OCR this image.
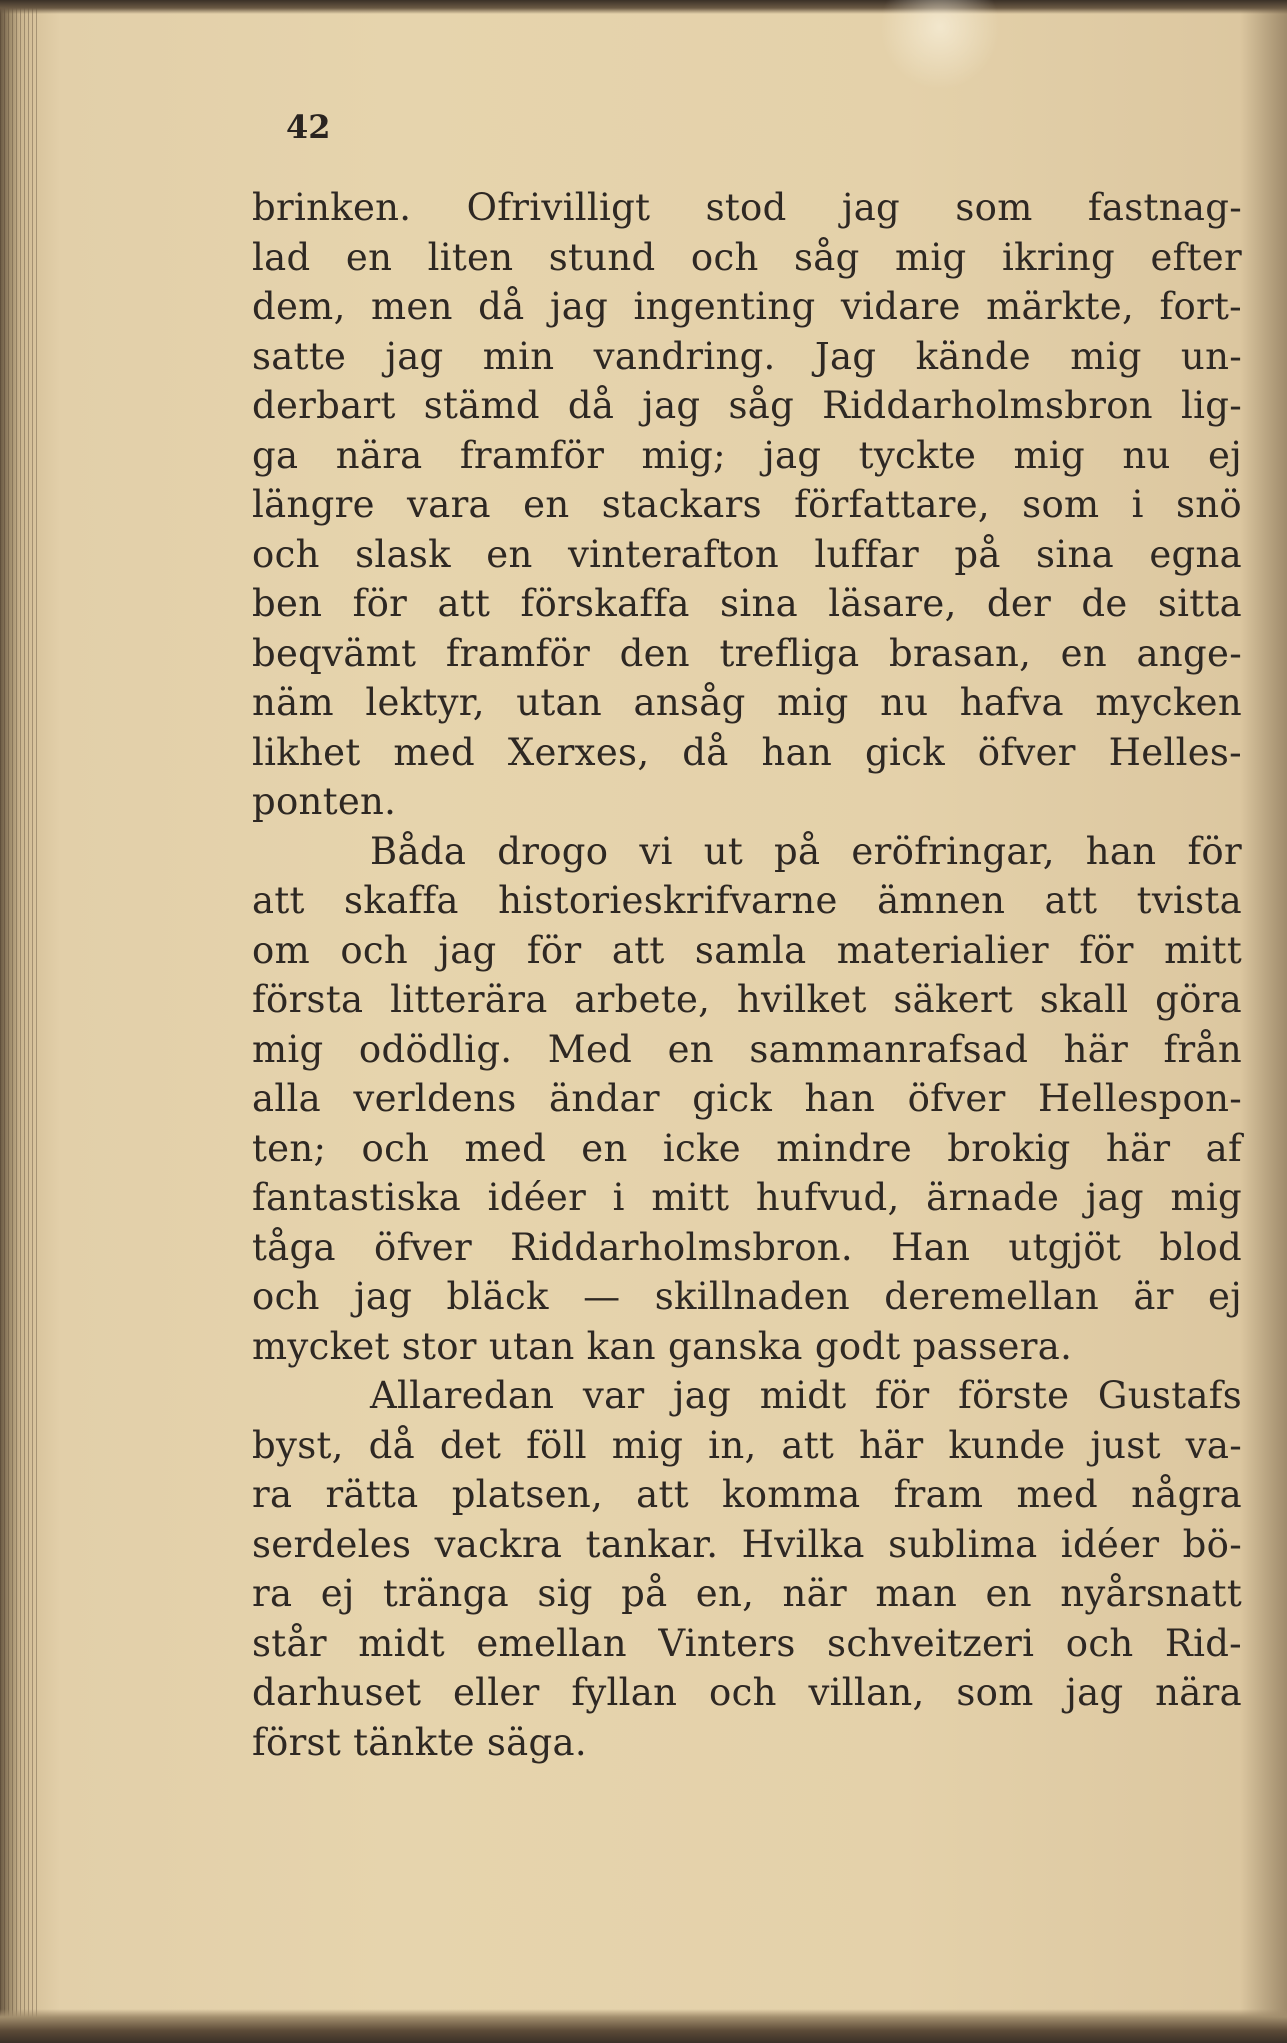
42
brinken. Ofrivilligt stod jag som fastnag-
lad en liten stund och såg mig ikring efter
dem, men då jag ingenting vidare märkte, fort-
satte jag min vandring. Jag kände mig un-
derbart stämd då jag såg Riddarholmsbron lig-
ga nära framför mig; jag tyckte mig nu ej
längre vara en stackars författare, som i snö
och slask en vinterafton luffar på sina egna
ben för att förskaffa sina läsare, der de sitta
beqvämt framför den trefliga brasan, en ange-
näm lektyr, utan ansåg mig nu hafva mycken
likhet med Xerxes, då han gick öfver Helles-
ponten.
Båda drogo vi ut på eröfringar, han för
att skaffa historieskrifvarne ämnen att tvista
om och jag för att samla materialier för mitt
första litterära arbete, hvilket säkert skall göra
mig odödlig. Med en sammanrafsad här från
alla verldens ändar gick han öfver Hellespon-
ten; och med en icke mindre brokig här af
fantastiska idéer i mitt hufvud, ärnade jag mig
tåga öfver Riddarholmsbron. Han utgjöt blod
och jag bläck — skillnaden deremellan är ej
mycket stor utan kan ganska godt passera.
Allaredan var jag midt för förste Gustafs
byst, då det föll mig in, att här kunde just va-
ra rätta platsen, att komma fram med några
serdeles vackra tankar. Hvilka sublima idéer bö-
ra ej tränga sig på en, när man en nyårsnatt
står midt emellan Vinters schveitzeri och Rid-
darhuset eller fyllan och villan, som jag nära
först tänkte säga.
